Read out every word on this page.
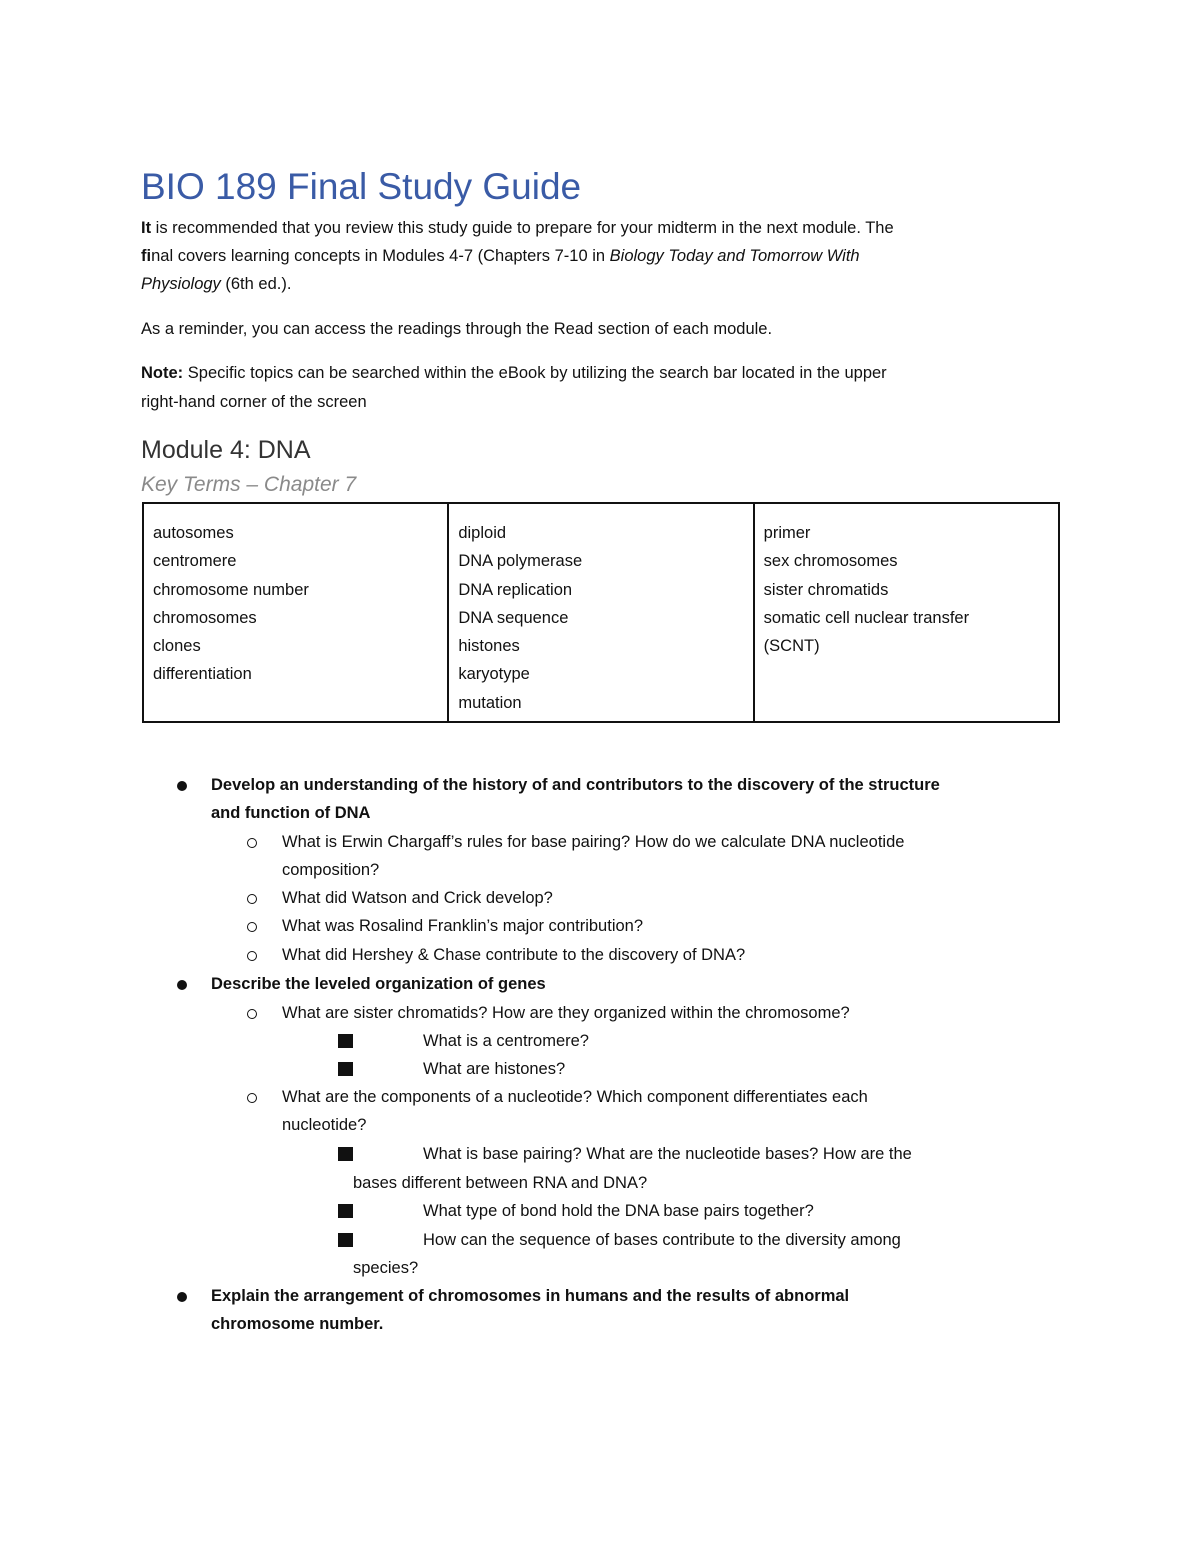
BIO 189 Final Study Guide
It is recommended that you review this study guide to prepare for your midterm in the next module. The
final covers learning concepts in Modules 4-7 (Chapters 7-10 in Biology Today and Tomorrow With
Physiology (6th ed.).
As a reminder, you can access the readings through the Read section of each module.
Note: Specific topics can be searched within the eBook by utilizing the search bar located in the upper
right-hand corner of the screen
Module 4: DNA
Key Terms – Chapter 7
autosomes
centromere
chromosome number
chromosomes
clones
differentiation

diploid
DNA polymerase
DNA replication
DNA sequence
histones
karyotype
mutation

primer
sex chromosomes
sister chromatids
somatic cell nuclear transfer
(SCNT)
Develop an understanding of the history of and contributors to the discovery of the structure
and function of DNA
What is Erwin Chargaff’s rules for base pairing? How do we calculate DNA nucleotide
composition?
What did Watson and Crick develop?
What was Rosalind Franklin’s major contribution?
What did Hershey & Chase contribute to the discovery of DNA?
Describe the leveled organization of genes
What are sister chromatids? How are they organized within the chromosome?
What is a centromere?
What are histones?
What are the components of a nucleotide? Which component differentiates each
nucleotide?
What is base pairing? What are the nucleotide bases? How are the
bases different between RNA and DNA?
What type of bond hold the DNA base pairs together?
How can the sequence of bases contribute to the diversity among
species?
Explain the arrangement of chromosomes in humans and the results of abnormal
chromosome number.
